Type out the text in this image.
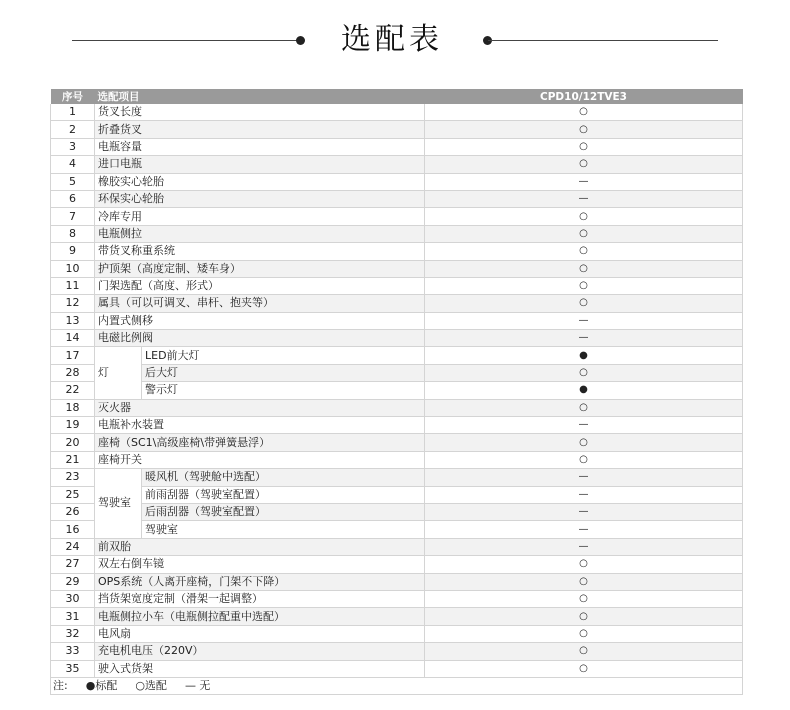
选配表
序号	选配项目		CPD10/12TVE3
1	货叉长度		○
2	折叠货叉		○
3	电瓶容量		○
4	进口电瓶		○
5	橡胶实心轮胎		—
6	环保实心轮胎		—
7	冷库专用		○
8	电瓶侧拉		○
9	带货叉称重系统		○
10	护顶架（高度定制、矮车身）		○
11	门架选配（高度、形式）		○
12	属具（可以可调叉、串杆、抱夹等）		○
13	内置式侧移		—
14	电磁比例阀		—
17	灯	LED前大灯	●
28		后大灯	○
22		警示灯	●
18	灭火器		○
19	电瓶补水装置		—
20	座椅（SC1\高级座椅\带弹簧悬浮）		○
21	座椅开关		○
23	驾驶室	暖风机（驾驶舱中选配）	—
25		前雨刮器（驾驶室配置）	—
26		后雨刮器（驾驶室配置）	—
16		驾驶室	—
24	前双胎		—
27	双左右倒车镜		○
29	OPS系统（人离开座椅，门架不下降）		○
30	挡货架宽度定制（滑架一起调整）		○
31	电瓶侧拉小车（电瓶侧拉配重中选配）		○
32	电风扇		○
33	充电机电压（220V）		○
35	驶入式货架		○
注: ●标配 ○选配 — 无			
